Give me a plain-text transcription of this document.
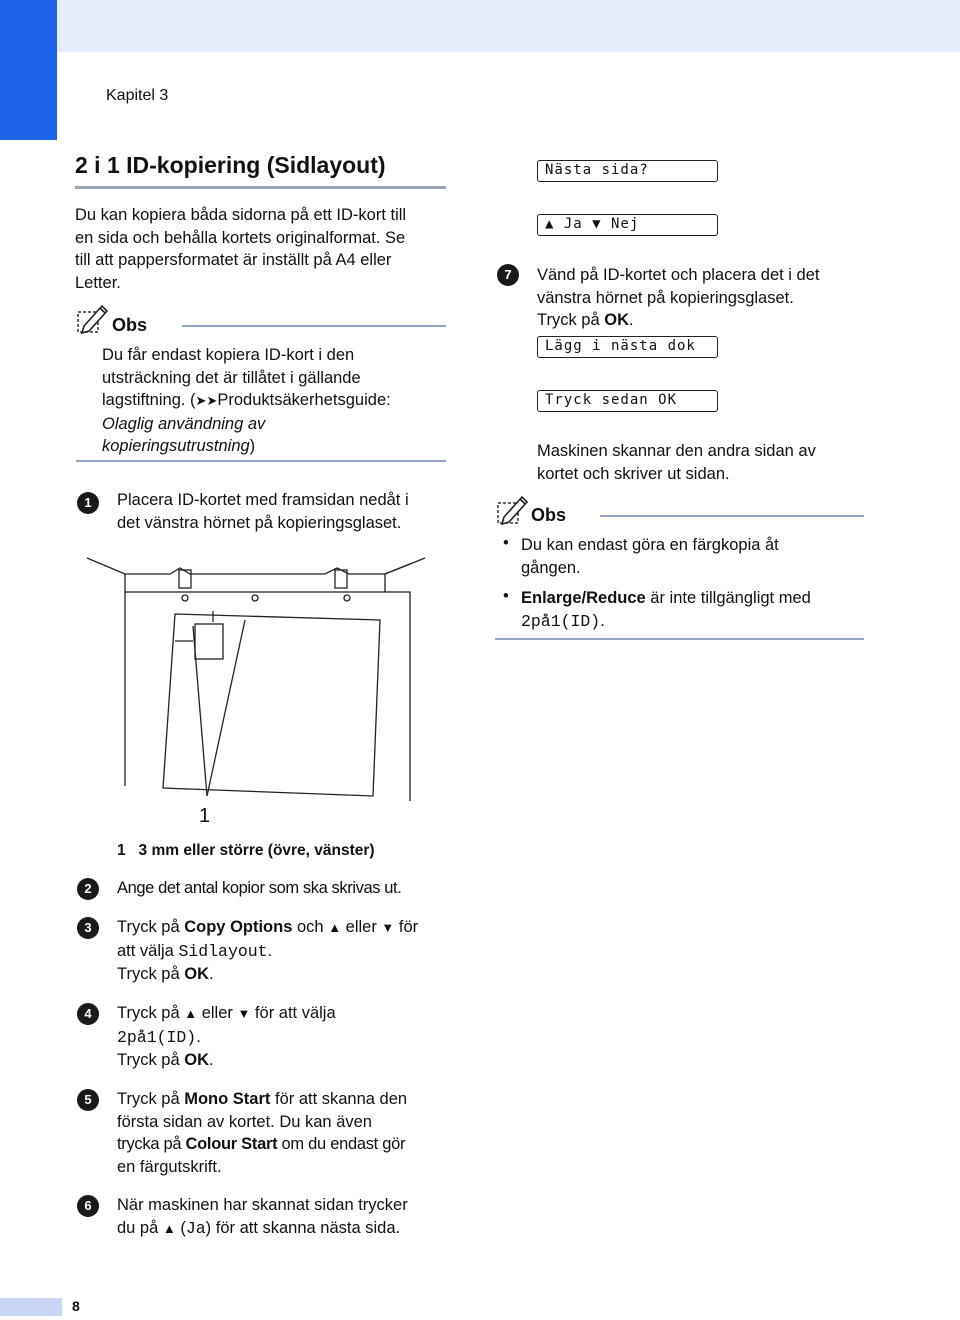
Kapitel 3
2 i 1 ID-kopiering (Sidlayout)

Du kan kopiera båda sidorna på ett ID-kort till

en sida och behålla kortets originalformat. Se

till att pappersformatet är inställt på A4 eller

Letter.

Obs

Du får endast kopiera ID-kort i den

utsträckning det är tillåtet i gällande

lagstiftning. (➤➤Produktsäkerhetsguide:

Olaglig användning av

kopieringsutrustning)

1	Placera ID-kortet med framsidan nedåt i

det vänstra hörnet på kopieringsglaset.

1
1 3 mm eller större (övre, vänster)
2	Ange det antal kopior som ska skrivas ut.

3	Tryck på Copy Options och ▲ eller ▼ för

att välja Sidlayout.

Tryck på OK.

4	Tryck på ▲ eller ▼ för att välja

2på1(ID).

Tryck på OK.

5	Tryck på Mono Start för att skanna den

första sidan av kortet. Du kan även

trycka på Colour Start om du endast gör

en färgutskrift.

6	När maskinen har skannat sidan trycker

du på ▲ (Ja) för att skanna nästa sida.

Nästa sida?
▲ Ja ▼ Nej
7	Vänd på ID-kortet och placera det i det

vänstra hörnet på kopieringsglaset.

Tryck på OK.

Lägg i nästa dok
Tryck sedan OK

Maskinen skannar den andra sidan av

kortet och skriver ut sidan.

Obs
• Du kan endast göra en färgkopia åt

gången.

• Enlarge/Reduce är inte tillgängligt med

2på1(ID).

8
